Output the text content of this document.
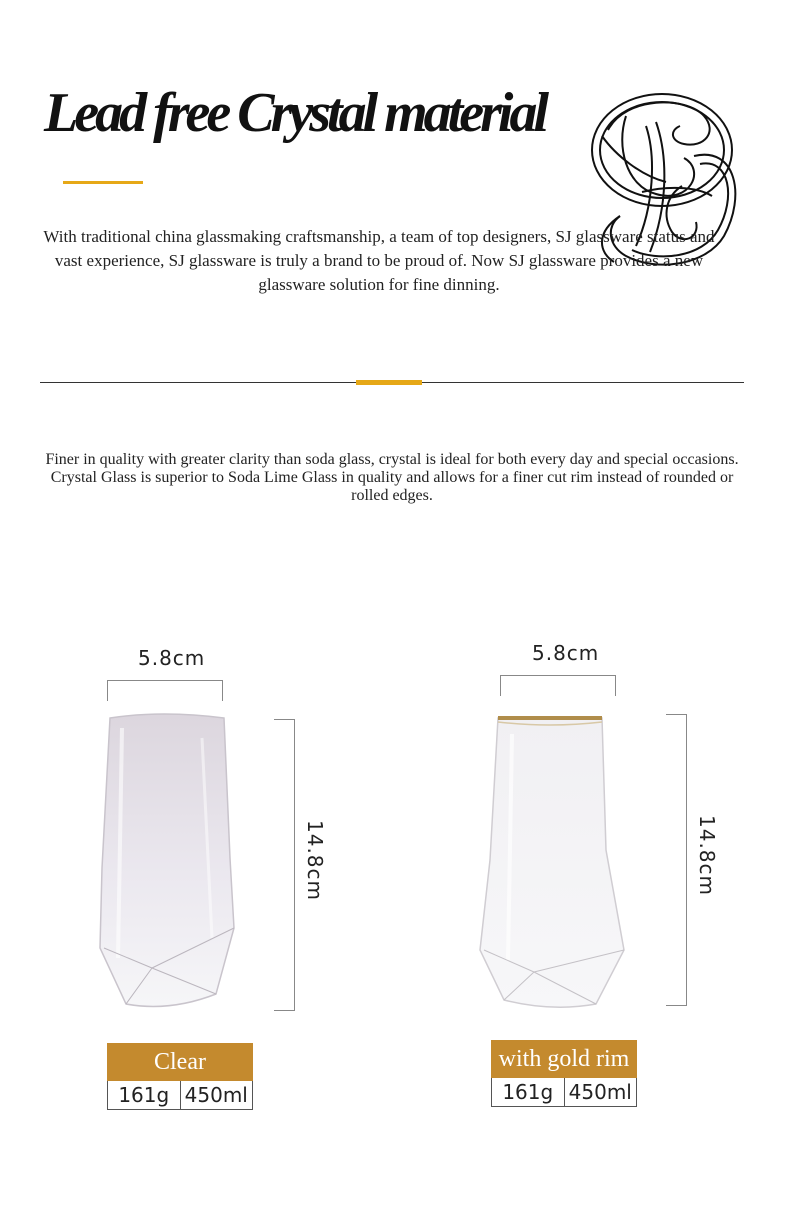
Lead free Crystal material

With traditional china glassmaking craftsmanship, a team of top designers, SJ glassware status and vast experience, SJ glassware is truly a brand to be proud of. Now SJ glassware provides a new glassware solution for fine dinning.

Finer in quality with greater clarity than soda glass, crystal is ideal for both every day and special occasions. Crystal Glass is superior to Soda Lime Glass in quality and allows for a finer cut rim instead of rounded or rolled edges.

5.8cm
14.8cm
Clear
161g 450ml
5.8cm
14.8cm
with gold rim
161g 450ml
